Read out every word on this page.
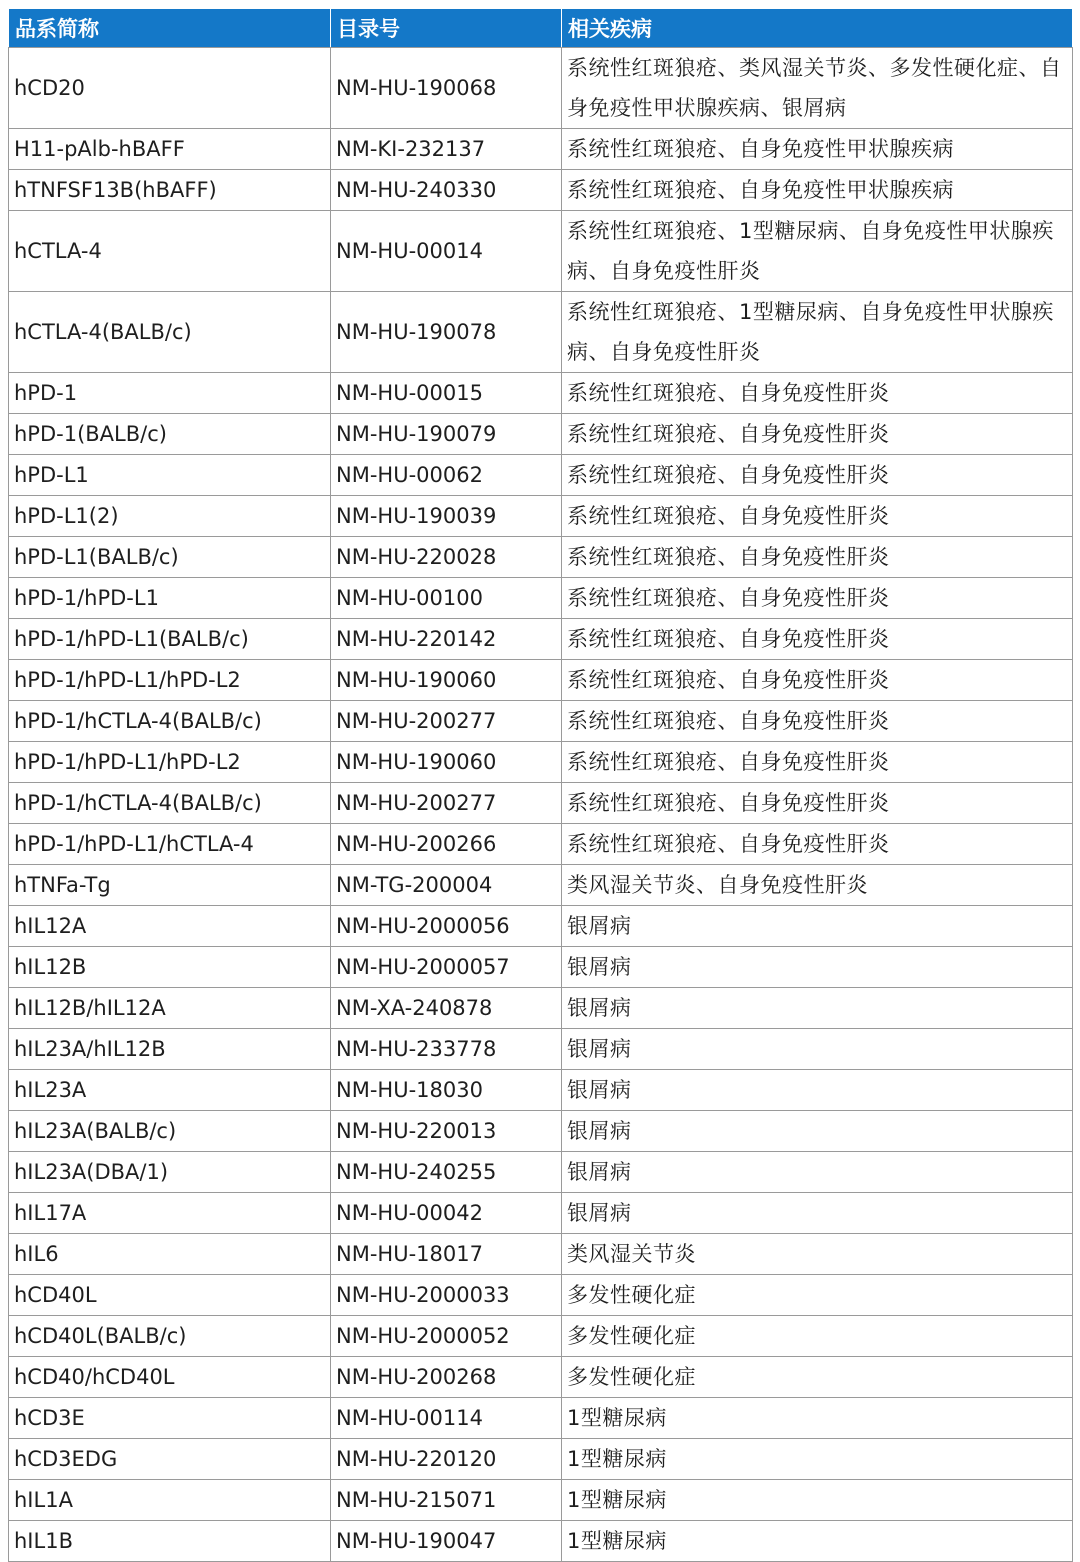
品系简称	目录号	相关疾病
hCD20	NM-HU-190068	系统性红斑狼疮、类风湿关节炎、多发性硬化症、自身免疫性甲状腺疾病、银屑病
H11-pAlb-hBAFF	NM-KI-232137	系统性红斑狼疮、自身免疫性甲状腺疾病
hTNFSF13B(hBAFF)	NM-HU-240330	系统性红斑狼疮、自身免疫性甲状腺疾病
hCTLA-4	NM-HU-00014	系统性红斑狼疮、1型糖尿病、自身免疫性甲状腺疾病、自身免疫性肝炎
hCTLA-4(BALB/c)	NM-HU-190078	系统性红斑狼疮、1型糖尿病、自身免疫性甲状腺疾病、自身免疫性肝炎
hPD-1	NM-HU-00015	系统性红斑狼疮、自身免疫性肝炎
hPD-1(BALB/c)	NM-HU-190079	系统性红斑狼疮、自身免疫性肝炎
hPD-L1	NM-HU-00062	系统性红斑狼疮、自身免疫性肝炎
hPD-L1(2)	NM-HU-190039	系统性红斑狼疮、自身免疫性肝炎
hPD-L1(BALB/c)	NM-HU-220028	系统性红斑狼疮、自身免疫性肝炎
hPD-1/hPD-L1	NM-HU-00100	系统性红斑狼疮、自身免疫性肝炎
hPD-1/hPD-L1(BALB/c)	NM-HU-220142	系统性红斑狼疮、自身免疫性肝炎
hPD-1/hPD-L1/hPD-L2	NM-HU-190060	系统性红斑狼疮、自身免疫性肝炎
hPD-1/hCTLA-4(BALB/c)	NM-HU-200277	系统性红斑狼疮、自身免疫性肝炎
hPD-1/hPD-L1/hPD-L2	NM-HU-190060	系统性红斑狼疮、自身免疫性肝炎
hPD-1/hCTLA-4(BALB/c)	NM-HU-200277	系统性红斑狼疮、自身免疫性肝炎
hPD-1/hPD-L1/hCTLA-4	NM-HU-200266	系统性红斑狼疮、自身免疫性肝炎
hTNFa-Tg	NM-TG-200004	类风湿关节炎、自身免疫性肝炎
hIL12A	NM-HU-2000056	银屑病
hIL12B	NM-HU-2000057	银屑病
hIL12B/hIL12A	NM-XA-240878	银屑病
hIL23A/hIL12B	NM-HU-233778	银屑病
hIL23A	NM-HU-18030	银屑病
hIL23A(BALB/c)	NM-HU-220013	银屑病
hIL23A(DBA/1)	NM-HU-240255	银屑病
hIL17A	NM-HU-00042	银屑病
hIL6	NM-HU-18017	类风湿关节炎
hCD40L	NM-HU-2000033	多发性硬化症
hCD40L(BALB/c)	NM-HU-2000052	多发性硬化症
hCD40/hCD40L	NM-HU-200268	多发性硬化症
hCD3E	NM-HU-00114	1型糖尿病
hCD3EDG	NM-HU-220120	1型糖尿病
hIL1A	NM-HU-215071	1型糖尿病
hIL1B	NM-HU-190047	1型糖尿病
